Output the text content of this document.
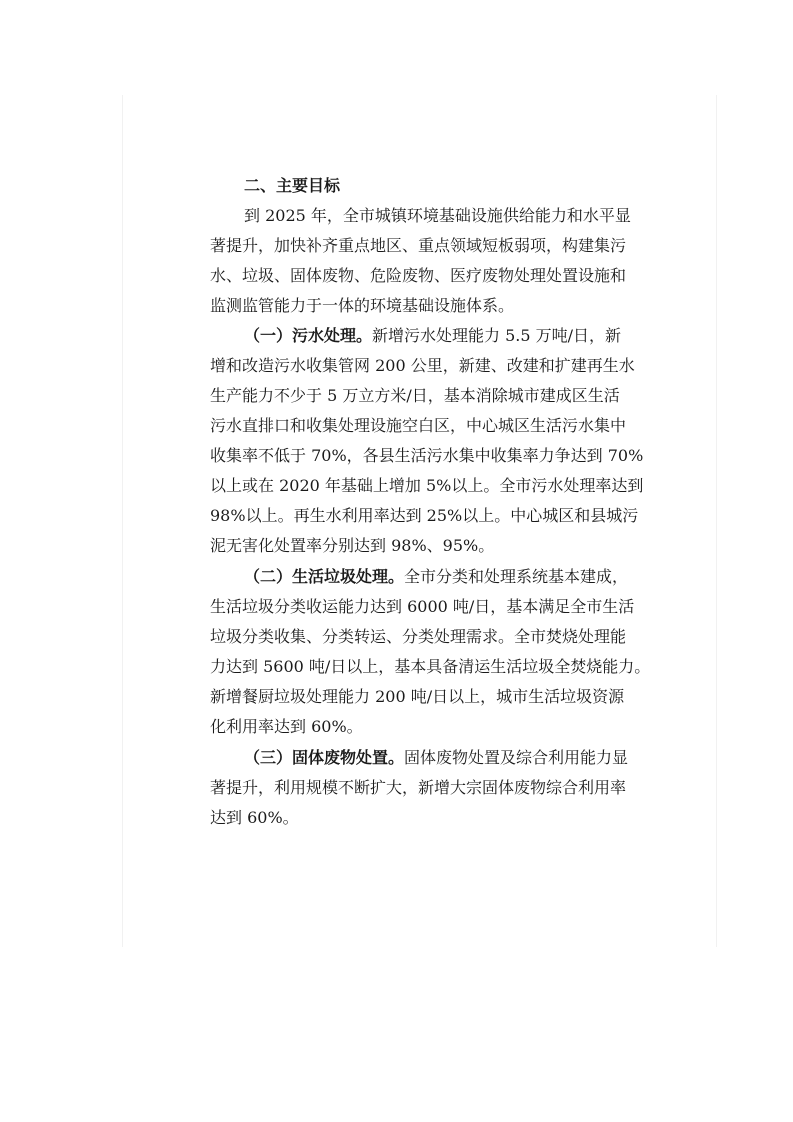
二、主要目标
到 2025 年，全市城镇环境基础设施供给能力和水平显
著提升，加快补齐重点地区、重点领域短板弱项，构建集污
水、垃圾、固体废物、危险废物、医疗废物处理处置设施和
监测监管能力于一体的环境基础设施体系。
（一）污水处理。新增污水处理能力 5.5 万吨/日，新
增和改造污水收集管网 200 公里，新建、改建和扩建再生水
生产能力不少于 5 万立方米/日，基本消除城市建成区生活
污水直排口和收集处理设施空白区，中心城区生活污水集中
收集率不低于 70%，各县生活污水集中收集率力争达到 70%
以上或在 2020 年基础上增加 5%以上。全市污水处理率达到
98%以上。再生水利用率达到 25%以上。中心城区和县城污
泥无害化处置率分别达到 98%、95%。
（二）生活垃圾处理。全市分类和处理系统基本建成，
生活垃圾分类收运能力达到 6000 吨/日，基本满足全市生活
垃圾分类收集、分类转运、分类处理需求。全市焚烧处理能
力达到 5600 吨/日以上，基本具备清运生活垃圾全焚烧能力。
新增餐厨垃圾处理能力 200 吨/日以上，城市生活垃圾资源
化利用率达到 60%。
（三）固体废物处置。固体废物处置及综合利用能力显
著提升，利用规模不断扩大，新增大宗固体废物综合利用率
达到 60%。
